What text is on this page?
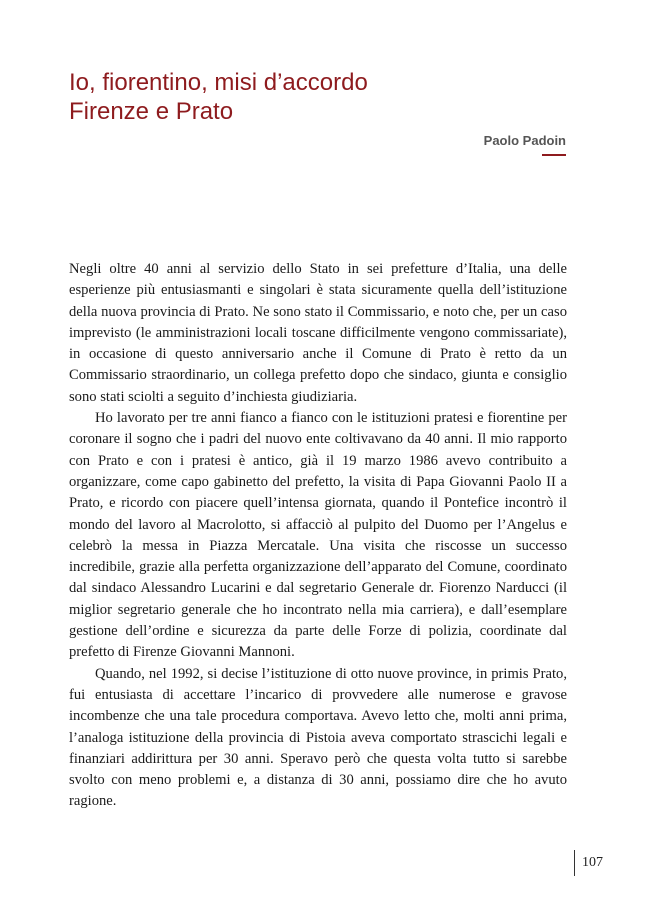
Io, fiorentino, misi d’accordo
Firenze e Prato
Paolo Padoin

Negli oltre 40 anni al servizio dello Stato in sei prefetture d’Italia, una delle esperienze più entusiasmanti e singolari è stata sicuramente quella dell’istituzione della nuova provincia di Prato. Ne sono stato il Commissario, e noto che, per un caso imprevisto (le amministrazioni locali toscane difficilmente vengono commissariate), in occasione di questo anniversario anche il Comune di Prato è retto da un Commissario straordinario, un collega prefetto dopo che sindaco, giunta e consiglio sono stati sciolti a seguito d’inchiesta giudiziaria.

Ho lavorato per tre anni fianco a fianco con le istituzioni pratesi e fiorentine per coronare il sogno che i padri del nuovo ente coltivavano da 40 anni. Il mio rapporto con Prato e con i pratesi è antico, già il 19 marzo 1986 avevo contribuito a organizzare, come capo gabinetto del prefetto, la visita di Papa Giovanni Paolo II a Prato, e ricordo con piacere quell’intensa giornata, quando il Pontefice incontrò il mondo del lavoro al Macrolotto, si affacciò al pulpito del Duomo per l’Angelus e celebrò la messa in Piazza Mercatale. Una visita che riscosse un successo incredibile, grazie alla perfetta organizzazione dell’apparato del Comune, coordinato dal sindaco Alessandro Lucarini e dal segretario Generale dr. Fiorenzo Narducci (il miglior segretario generale che ho incontrato nella mia carriera), e dall’esemplare gestione dell’ordine e sicurezza da parte delle Forze di polizia, coordinate dal prefetto di Firenze Giovanni Mannoni.

Quando, nel 1992, si decise l’istituzione di otto nuove province, in primis Prato, fui entusiasta di accettare l’incarico di provvedere alle numerose e gravose incombenze che una tale procedura comportava. Avevo letto che, molti anni prima, l’analoga istituzione della provincia di Pistoia aveva comportato strascichi legali e finanziari addirittura per 30 anni. Speravo però che questa volta tutto si sarebbe svolto con meno problemi e, a distanza di 30 anni, possiamo dire che ho avuto ragione.

107
